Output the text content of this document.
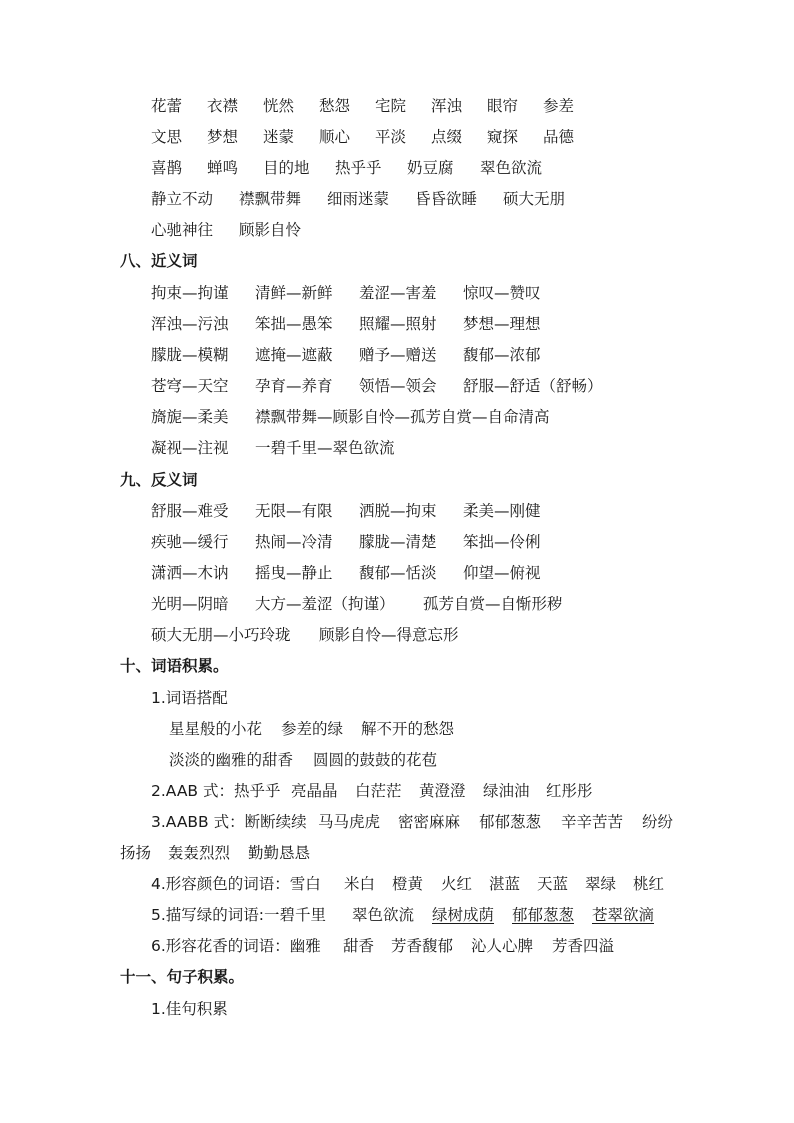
花蕾 衣襟 恍然 愁怨 宅院 浑浊 眼帘 参差
文思 梦想 迷蒙 顺心 平淡 点缀 窥探 品德
喜鹊 蝉鸣 目的地 热乎乎 奶豆腐 翠色欲流
静立不动 襟飘带舞 细雨迷蒙 昏昏欲睡 硕大无朋
心驰神往 顾影自怜
八、近义词
拘束—拘谨 清鲜—新鲜 羞涩—害羞 惊叹—赞叹
浑浊—污浊 笨拙—愚笨 照耀—照射 梦想—理想
朦胧—模糊 遮掩—遮蔽 赠予—赠送 馥郁—浓郁
苍穹—天空 孕育—养育 领悟—领会 舒服—舒适（舒畅）
旖旎—柔美 襟飘带舞—顾影自怜—孤芳自赏—自命清高
凝视—注视 一碧千里—翠色欲流
九、反义词
舒服—难受 无限—有限 洒脱—拘束 柔美—刚健
疾驰—缓行 热闹—冷清 朦胧—清楚 笨拙—伶俐
潇洒—木讷 摇曳—静止 馥郁—恬淡 仰望—俯视
光明—阴暗 大方—羞涩（拘谨） 孤芳自赏—自惭形秽
硕大无朋—小巧玲珑 顾影自怜—得意忘形
十、词语积累。
1.词语搭配
星星般的小花 参差的绿 解不开的愁怨
淡淡的幽雅的甜香 圆圆的鼓鼓的花苞
2.AAB 式：热乎乎 亮晶晶 白茫茫 黄澄澄 绿油油 红彤彤
3.AABB 式：断断续续 马马虎虎 密密麻麻 郁郁葱葱 辛辛苦苦 纷纷
扬扬 轰轰烈烈 勤勤恳恳
4.形容颜色的词语：雪白 米白 橙黄 火红 湛蓝 天蓝 翠绿 桃红
5.描写绿的词语:一碧千里 翠色欲流 绿树成荫 郁郁葱葱 苍翠欲滴
6.形容花香的词语：幽雅 甜香 芳香馥郁 沁人心脾 芳香四溢
十一、句子积累。
1.佳句积累
